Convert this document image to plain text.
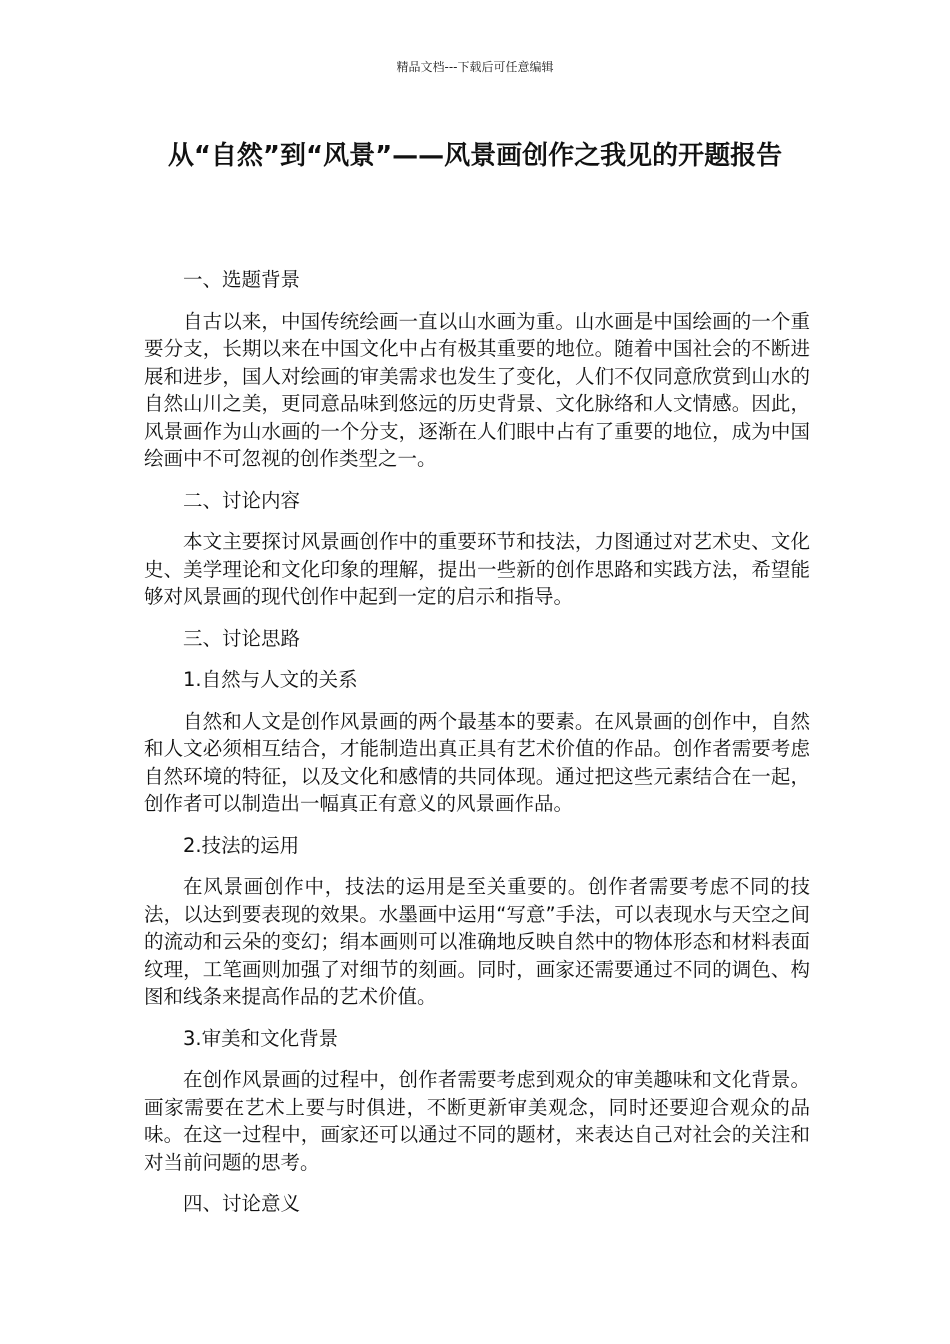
精品文档---下载后可任意编辑
从“自然”到“风景”——风景画创作之我见的开题报告

一、选题背景

自古以来，中国传统绘画一直以山水画为重。山水画是中国绘画的一个重要分支，长期以来在中国文化中占有极其重要的地位。随着中国社会的不断进展和进步，国人对绘画的审美需求也发生了变化，人们不仅同意欣赏到山水的自然山川之美，更同意品味到悠远的历史背景、文化脉络和人文情感。因此，风景画作为山水画的一个分支，逐渐在人们眼中占有了重要的地位，成为中国绘画中不可忽视的创作类型之一。

二、讨论内容

本文主要探讨风景画创作中的重要环节和技法，力图通过对艺术史、文化史、美学理论和文化印象的理解，提出一些新的创作思路和实践方法，希望能够对风景画的现代创作中起到一定的启示和指导。

三、讨论思路

1.自然与人文的关系

自然和人文是创作风景画的两个最基本的要素。在风景画的创作中，自然和人文必须相互结合，才能制造出真正具有艺术价值的作品。创作者需要考虑自然环境的特征，以及文化和感情的共同体现。通过把这些元素结合在一起，创作者可以制造出一幅真正有意义的风景画作品。

2.技法的运用

在风景画创作中，技法的运用是至关重要的。创作者需要考虑不同的技法，以达到要表现的效果。水墨画中运用“写意”手法，可以表现水与天空之间的流动和云朵的变幻；绢本画则可以准确地反映自然中的物体形态和材料表面纹理，工笔画则加强了对细节的刻画。同时，画家还需要通过不同的调色、构图和线条来提高作品的艺术价值。

3.审美和文化背景

在创作风景画的过程中，创作者需要考虑到观众的审美趣味和文化背景。画家需要在艺术上要与时俱进，不断更新审美观念，同时还要迎合观众的品味。在这一过程中，画家还可以通过不同的题材，来表达自己对社会的关注和对当前问题的思考。

四、讨论意义
